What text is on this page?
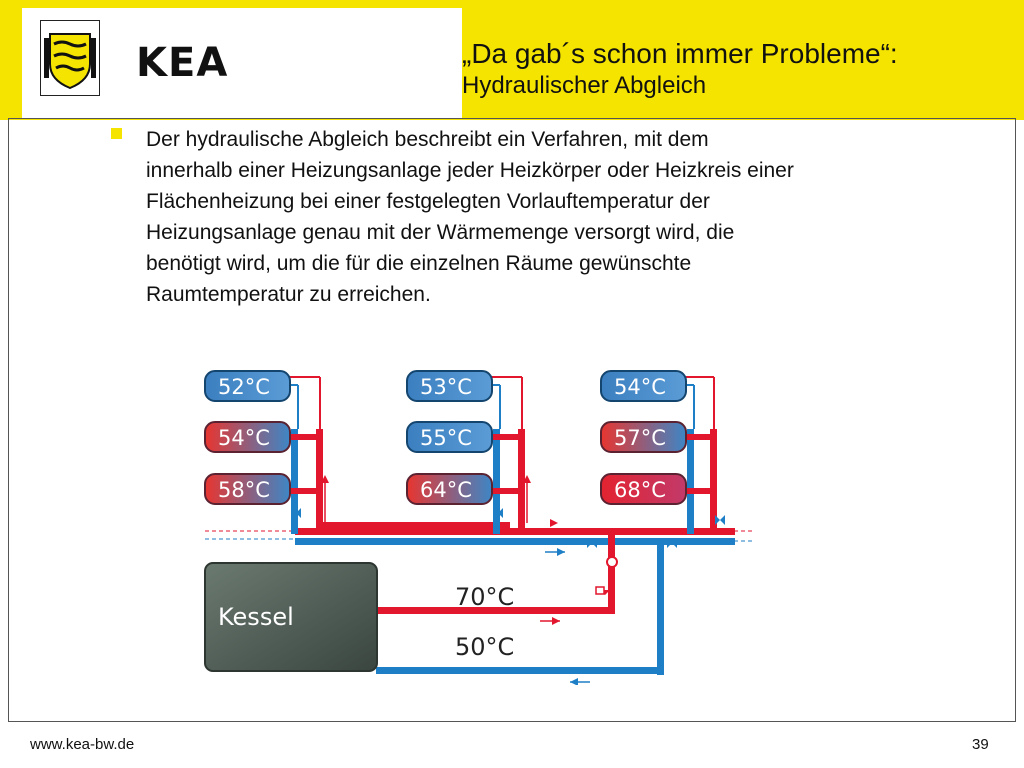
KEA	„Da gab´s schon immer Probleme“:
Hydraulischer Abgleich
Der hydraulische Abgleich beschreibt ein Verfahren, mit dem innerhalb einer Heizungsanlage jeder Heizkörper oder Heizkreis einer Flächenheizung bei einer festgelegten Vorlauftemperatur der Heizungsanlage genau mit der Wärmemenge versorgt wird, die benötigt wird, um die für die einzelnen Räume gewünschte Raumtemperatur zu erreichen.
Kessel
70°C
50°C
52°C
54°C
58°C
53°C
55°C
64°C
54°C
57°C
68°C
www.kea-bw.de	39
